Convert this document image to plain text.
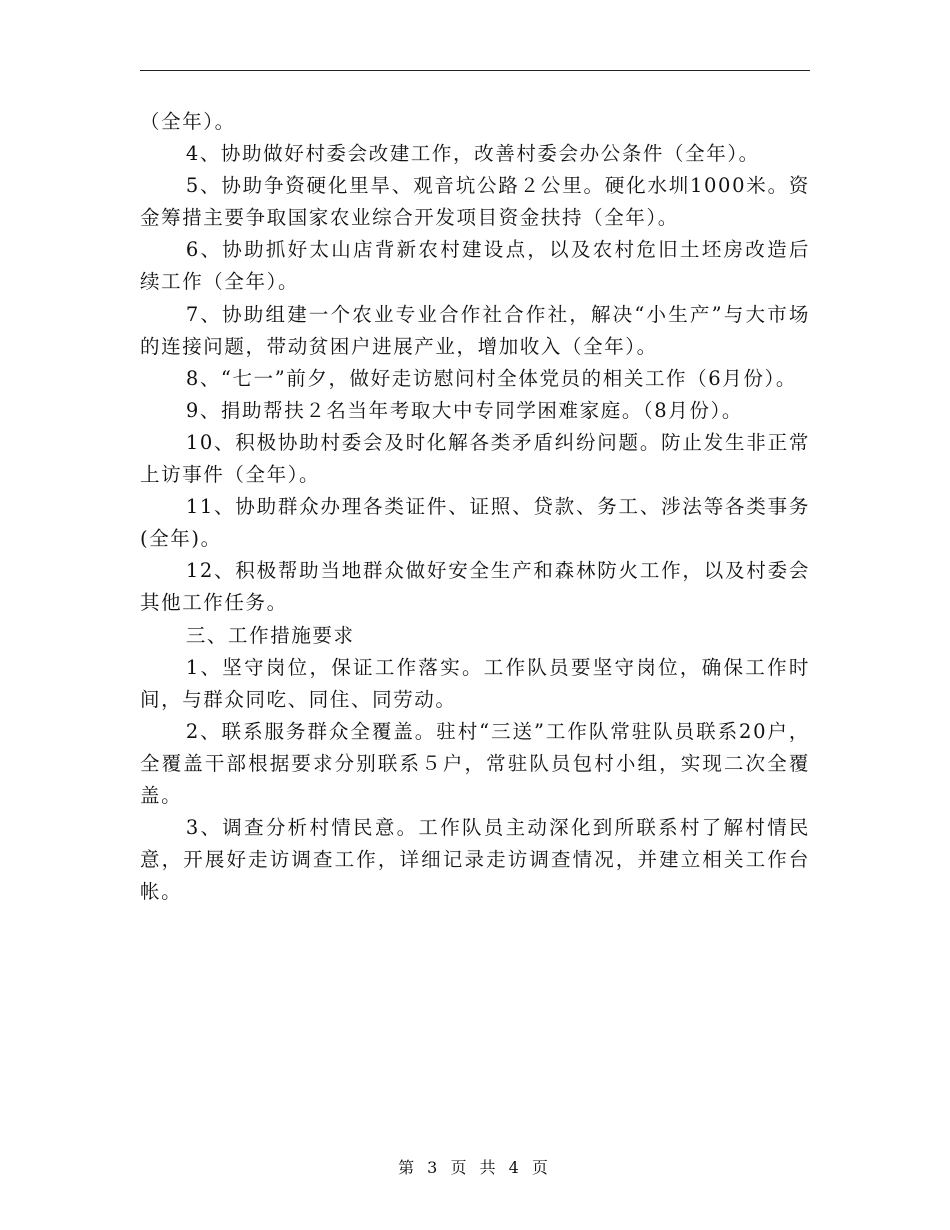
（全年）。

4、协助做好村委会改建工作，改善村委会办公条件（全年）。

5、协助争资硬化里旱、观音坑公路２公里。硬化水圳1000米。资金筹措主要争取国家农业综合开发项目资金扶持（全年）。

6、协助抓好太山店背新农村建设点，以及农村危旧土坯房改造后续工作（全年）。

7、协助组建一个农业专业合作社合作社，解决“小生产”与大市场的连接问题，带动贫困户进展产业，增加收入（全年）。

8、“七一”前夕，做好走访慰问村全体党员的相关工作（6月份）。

9、捐助帮扶２名当年考取大中专同学困难家庭。（8月份）。

10、积极协助村委会及时化解各类矛盾纠纷问题。防止发生非正常上访事件（全年）。

11、协助群众办理各类证件、证照、贷款、务工、涉法等各类事务(全年)。

12、积极帮助当地群众做好安全生产和森林防火工作，以及村委会其他工作任务。

三、工作措施要求

1、坚守岗位，保证工作落实。工作队员要坚守岗位，确保工作时间，与群众同吃、同住、同劳动。

2、联系服务群众全覆盖。驻村“三送”工作队常驻队员联系20户，全覆盖干部根据要求分别联系５户，常驻队员包村小组，实现二次全覆盖。

3、调查分析村情民意。工作队员主动深化到所联系村了解村情民意，开展好走访调查工作，详细记录走访调查情况，并建立相关工作台帐。

第 3 页 共 4 页
